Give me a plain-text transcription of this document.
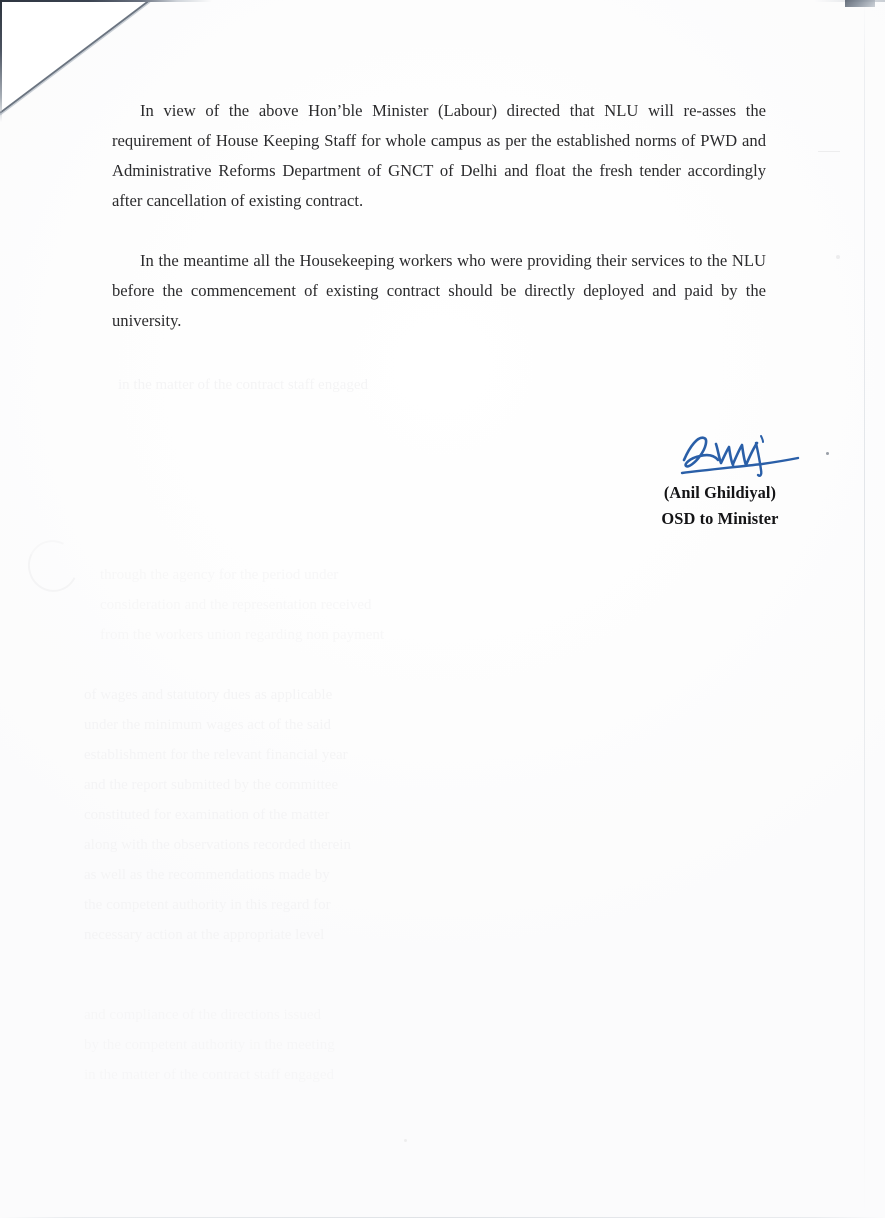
in the matter of the contract staff engaged
through the agency for the period under
consideration and the representation received
from the workers union regarding non payment
of wages and statutory dues as applicable
under the minimum wages act of the said
establishment for the relevant financial year
and the report submitted by the committee
constituted for examination of the matter
along with the observations recorded therein
as well as the recommendations made by
the competent authority in this regard for
necessary action at the appropriate level
and compliance of the directions issued
by the competent authority in the meeting
in the matter of the contract staff engaged

In view of the above Hon’ble Minister (Labour) directed that NLU will re-asses the requirement of House Keeping Staff for whole campus as per the established norms of PWD and Administrative Reforms Department of GNCT of Delhi and float the fresh tender accordingly after cancellation of existing contract.

In the meantime all the Housekeeping workers who were providing their services to the NLU before the commencement of existing contract should be directly deployed and paid by the university.

(Anil Ghildiyal)
OSD to Minister
